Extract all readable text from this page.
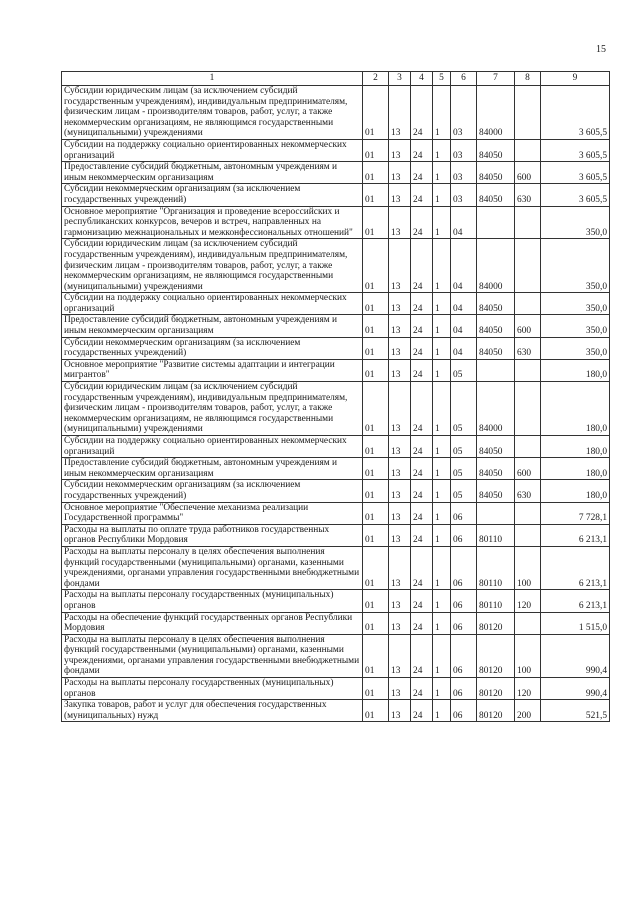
15
1	2	3	4	5	6	7	8	9
Субсидии юридическим лицам (за исключением субсидий государственным учреждениям), индивидуальным предпринимателям, физическим лицам - производителям товаров, работ, услуг, а также некоммерческим организациям, не являющимся государственными (муниципальными) учреждениями	01	13	24	1	03	84000		3 605,5
Субсидии на поддержку социально ориентированных некоммерческих организаций	01	13	24	1	03	84050		3 605,5
Предоставление субсидий бюджетным, автономным учреждениям и иным некоммерческим организациям	01	13	24	1	03	84050	600	3 605,5
Субсидии некоммерческим организациям (за исключением государственных учреждений)	01	13	24	1	03	84050	630	3 605,5
Основное мероприятие "Организация и проведение всероссийских и республиканских конкурсов, вечеров и встреч, направленных на гармонизацию межнациональных и межконфессиональных отношений"	01	13	24	1	04			350,0
Субсидии юридическим лицам (за исключением субсидий государственным учреждениям), индивидуальным предпринимателям, физическим лицам - производителям товаров, работ, услуг, а также некоммерческим организациям, не являющимся государственными (муниципальными) учреждениями	01	13	24	1	04	84000		350,0
Субсидии на поддержку социально ориентированных некоммерческих организаций	01	13	24	1	04	84050		350,0
Предоставление субсидий бюджетным, автономным учреждениям и иным некоммерческим организациям	01	13	24	1	04	84050	600	350,0
Субсидии некоммерческим организациям (за исключением государственных учреждений)	01	13	24	1	04	84050	630	350,0
Основное мероприятие "Развитие системы адаптации и интеграции мигрантов"	01	13	24	1	05			180,0
Субсидии юридическим лицам (за исключением субсидий государственным учреждениям), индивидуальным предпринимателям, физическим лицам - производителям товаров, работ, услуг, а также некоммерческим организациям, не являющимся государственными (муниципальными) учреждениями	01	13	24	1	05	84000		180,0
Субсидии на поддержку социально ориентированных некоммерческих организаций	01	13	24	1	05	84050		180,0
Предоставление субсидий бюджетным, автономным учреждениям и иным некоммерческим организациям	01	13	24	1	05	84050	600	180,0
Субсидии некоммерческим организациям (за исключением государственных учреждений)	01	13	24	1	05	84050	630	180,0
Основное мероприятие "Обеспечение механизма реализации Государственной программы"	01	13	24	1	06			7 728,1
Расходы на выплаты по оплате труда работников государственных органов Республики Мордовия	01	13	24	1	06	80110		6 213,1
Расходы на выплаты персоналу в целях обеспечения выполнения функций государственными (муниципальными) органами, казенными учреждениями, органами управления государственными внебюджетными фондами	01	13	24	1	06	80110	100	6 213,1
Расходы на выплаты персоналу государственных (муниципальных) органов	01	13	24	1	06	80110	120	6 213,1
Расходы на обеспечение функций государственных органов Республики Мордовия	01	13	24	1	06	80120		1 515,0
Расходы на выплаты персоналу в целях обеспечения выполнения функций государственными (муниципальными) органами, казенными учреждениями, органами управления государственными внебюджетными фондами	01	13	24	1	06	80120	100	990,4
Расходы на выплаты персоналу государственных (муниципальных) органов	01	13	24	1	06	80120	120	990,4
Закупка товаров, работ и услуг для обеспечения государственных (муниципальных) нужд	01	13	24	1	06	80120	200	521,5
